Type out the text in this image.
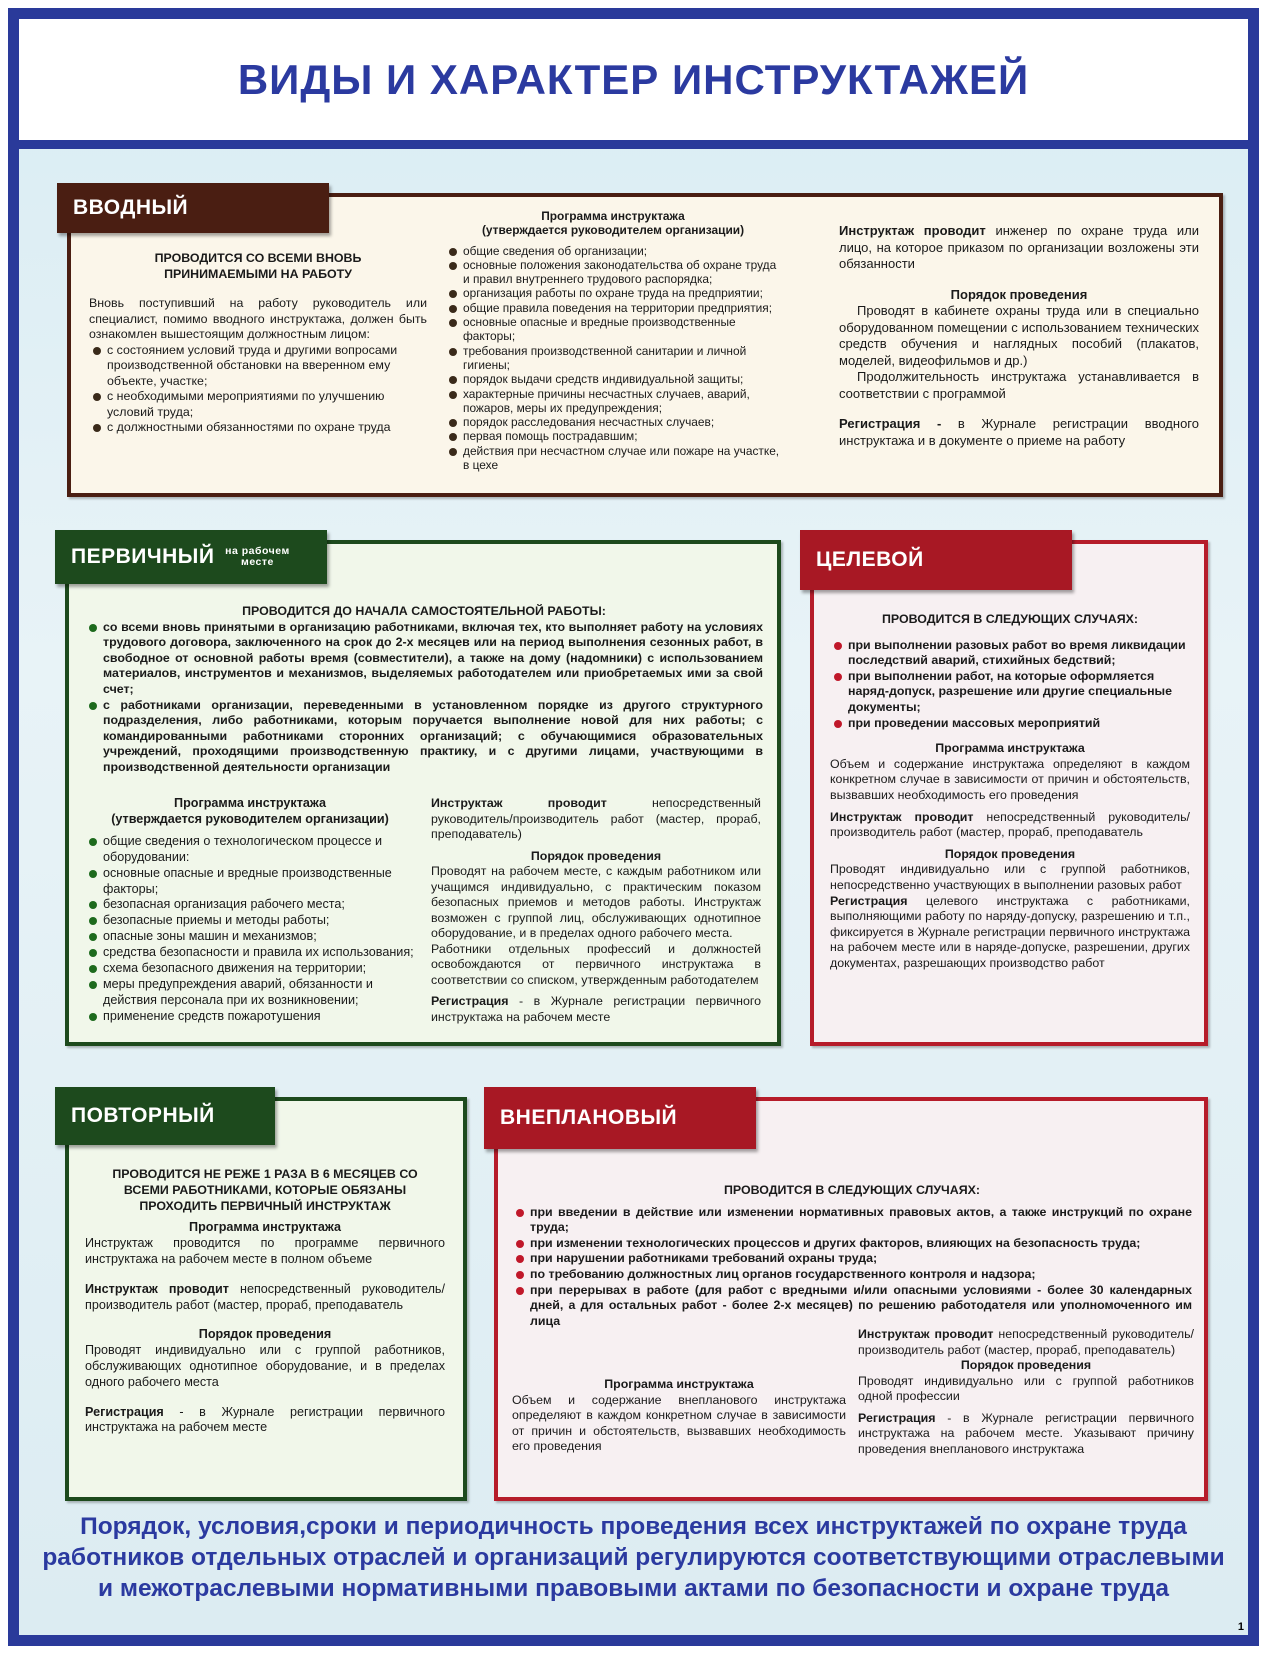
ВИДЫ И ХАРАКТЕР ИНСТРУКТАЖЕЙ
ВВОДНЫЙ
ПРОВОДИТСЯ СО ВСЕМИ ВНОВЬ ПРИНИМАЕМЫМИ НА РАБОТУ
Вновь поступивший на работу руководитель или специалист, помимо вводного инструктажа, должен быть ознакомлен вышестоящим должностным лицом:
с состоянием условий труда и другими вопросами производственной обстановки на вверенном ему объекте, участке;
с необходимыми мероприятиями по улучшению условий труда;
с должностными обязанностями по охране труда
Программа инструктажа
(утверждается руководителем организации)
общие сведения об организации;
основные положения законодательства об охране труда и правил внутреннего трудового распорядка;
организация работы по охране труда на предприятии;
общие правила поведения на территории предприятия;
основные опасные и вредные производственные факторы;
требования производственной санитарии и личной гигиены;
порядок выдачи средств индивидуальной защиты;
характерные причины несчастных случаев, аварий, пожаров, меры их предупреждения;
порядок расследования несчастных случаев;
первая помощь пострадавшим;
действия при несчастном случае или пожаре на участке, в цехе
Инструктаж проводит инженер по охране труда или лицо, на которое приказом по организации возложены эти обязанности
Порядок проведения
Проводят в кабинете охраны труда или в специально оборудованном помещении с использованием технических средств обучения и наглядных пособий (плакатов, моделей, видеофильмов и др.)
Продолжительность инструктажа устанавливается в соответствии с программой
Регистрация - в Журнале регистрации вводного инструктажа и в документе о приеме на работу
ПЕРВИЧНЫЙ на рабочем месте
ПРОВОДИТСЯ ДО НАЧАЛА САМОСТОЯТЕЛЬНОЙ РАБОТЫ:
со всеми вновь принятыми в организацию работниками, включая тех, кто выполняет работу на условиях трудового договора, заключенного на срок до 2-х месяцев или на период выполнения сезонных работ, в свободное от основной работы время (совместители), а также на дому (надомники) с использованием материалов, инструментов и механизмов, выделяемых работодателем или приобретаемых ими за свой счет;
с работниками организации, переведенными в установленном порядке из другого структурного подразделения, либо работниками, которым поручается выполнение новой для них работы; с командированными работниками сторонних организаций; с обучающимися образовательных учреждений, проходящими производственную практику, и с другими лицами, участвующими в производственной деятельности организации
Программа инструктажа
(утверждается руководителем организации)
общие сведения о технологическом процессе и оборудовании:
основные опасные и вредные производственные факторы;
безопасная организация рабочего места;
безопасные приемы и методы работы;
опасные зоны машин и механизмов;
средства безопасности и правила их использования;
схема безопасного движения на территории;
меры предупреждения аварий, обязанности и действия персонала при их возникновении;
применение средств пожаротушения
Инструктаж проводит непосредственный руководитель/производитель работ (мастер, прораб, преподаватель)
Порядок проведения
Проводят на рабочем месте, с каждым работником или учащимся индивидуально, с практическим показом безопасных приемов и методов работы. Инструктаж возможен с группой лиц, обслуживающих однотипное оборудование, и в пределах одного рабочего места.
Работники отдельных профессий и должностей освобождаются от первичного инструктажа в соответствии со списком, утвержденным работодателем
Регистрация - в Журнале регистрации первичного инструктажа на рабочем месте
ЦЕЛЕВОЙ
ПРОВОДИТСЯ В СЛЕДУЮЩИХ СЛУЧАЯХ:
при выполнении разовых работ во время ликвидации последствий аварий, стихийных бедствий;
при выполнении работ, на которые оформляется наряд-допуск, разрешение или другие специальные документы;
при проведении массовых мероприятий
Программа инструктажа
Объем и содержание инструктажа определяют в каждом конкретном случае в зависимости от причин и обстоятельств, вызвавших необходимость его проведения
Инструктаж проводит непосредственный руководитель/производитель работ (мастер, прораб, преподаватель
Порядок проведения
Проводят индивидуально или с группой работников, непосредственно участвующих в выполнении разовых работ
Регистрация целевого инструктажа с работниками, выполняющими работу по наряду-допуску, разрешению и т.п., фиксируется в Журнале регистрации первичного инструктажа на рабочем месте или в наряде-допуске, разрешении, других документах, разрешающих производство работ
ПОВТОРНЫЙ
ПРОВОДИТСЯ НЕ РЕЖЕ 1 РАЗА В 6 МЕСЯЦЕВ СО ВСЕМИ РАБОТНИКАМИ, КОТОРЫЕ ОБЯЗАНЫ ПРОХОДИТЬ ПЕРВИЧНЫЙ ИНСТРУКТАЖ
Программа инструктажа
Инструктаж проводится по программе первичного инструктажа на рабочем месте в полном объеме
Инструктаж проводит непосредственный руководитель/производитель работ (мастер, прораб, преподаватель
Порядок проведения
Проводят индивидуально или с группой работников, обслуживающих однотипное оборудование, и в пределах одного рабочего места
Регистрация - в Журнале регистрации первичного инструктажа на рабочем месте
ВНЕПЛАНОВЫЙ
ПРОВОДИТСЯ В СЛЕДУЮЩИХ СЛУЧАЯХ:
при введении в действие или изменении нормативных правовых актов, а также инструкций по охране труда;
при изменении технологических процессов и других факторов, влияющих на безопасность труда;
при нарушении работниками требований охраны труда;
по требованию должностных лиц органов государственного контроля и надзора;
при перерывах в работе (для работ с вредными и/или опасными условиями - более 30 календарных дней, а для остальных работ - более 2-х месяцев) по решению работодателя или уполномоченного им лица
Программа инструктажа
Объем и содержание внепланового инструктажа определяют в каждом конкретном случае в зависимости от причин и обстоятельств, вызвавших необходимость его проведения
Инструктаж проводит непосредственный руководитель/производитель работ (мастер, прораб, преподаватель)
Порядок проведения
Проводят индивидуально или с группой работников одной профессии
Регистрация - в Журнале регистрации первичного инструктажа на рабочем месте. Указывают причину проведения внепланового инструктажа
Порядок, условия,сроки и периодичность проведения всех инструктажей по охране труда
работников отдельных отраслей и организаций регулируются соответствующими отраслевыми
и межотраслевыми нормативными правовыми актами по безопасности и охране труда
1
